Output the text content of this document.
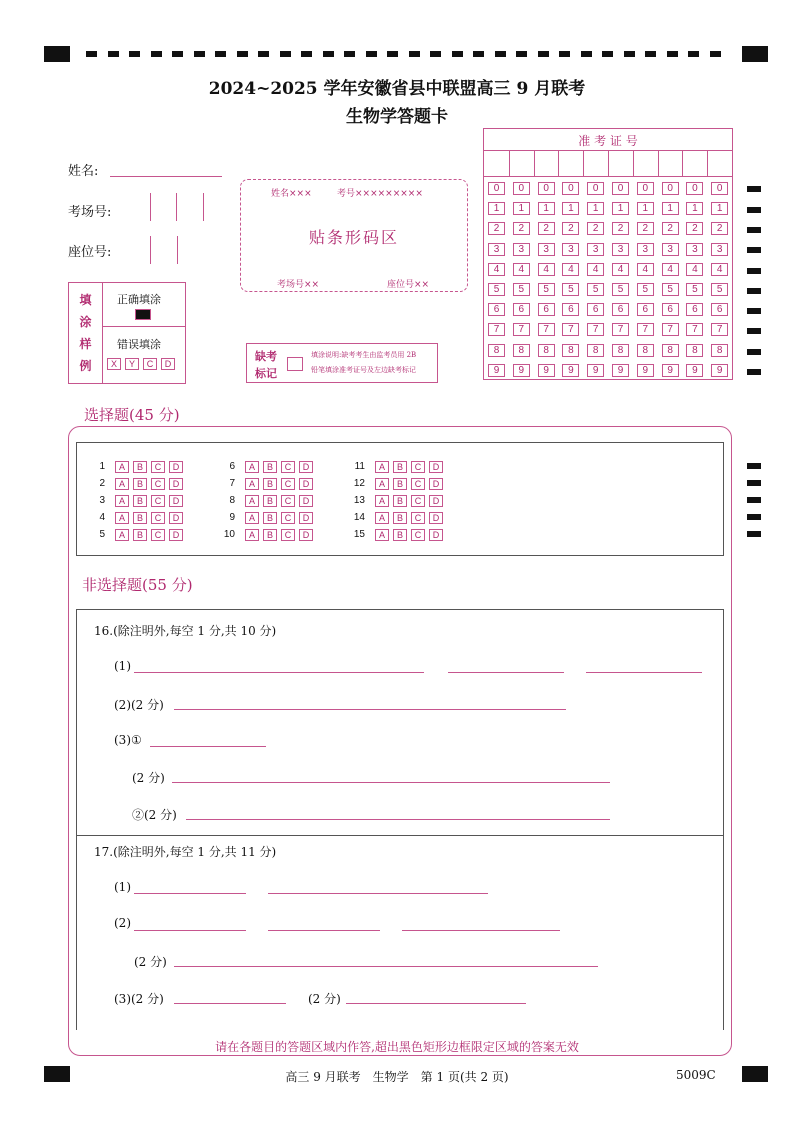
2024~2025 学年安徽省县中联盟高三 9 月联考
生物学答题卡
姓名:
考场号:
座位号:
填
涂
样
例
正确填涂
错误填涂
X	Y	C	D
姓名×××	考号×××××××××
贴条形码区
考场号××	座位号××
缺考
标记
填涂说明:缺考考生由监考员用 2B
铅笔填涂准考证号及左边缺考标记
准 考 证 号
0	0	0	0	0	0	0	0	0	0
1	1	1	1	1	1	1	1	1	1
2	2	2	2	2	2	2	2	2	2
3	3	3	3	3	3	3	3	3	3
4	4	4	4	4	4	4	4	4	4
5	5	5	5	5	5	5	5	5	5
6	6	6	6	6	6	6	6	6	6
7	7	7	7	7	7	7	7	7	7
8	8	8	8	8	8	8	8	8	8
9	9	9	9	9	9	9	9	9	9
选择题(45 分)
1	A	B	C	D
2	A	B	C	D
3	A	B	C	D
4	A	B	C	D
5	A	B	C	D
6	A	B	C	D
7	A	B	C	D
8	A	B	C	D
9	A	B	C	D
10	A	B	C	D
11	A	B	C	D
12	A	B	C	D
13	A	B	C	D
14	A	B	C	D
15	A	B	C	D
非选择题(55 分)
16.(除注明外,每空 1 分,共 10 分)
(1)
(2)(2 分)
(3)①
(2 分)
②(2 分)
17.(除注明外,每空 1 分,共 11 分)
(1)
(2)
(2 分)
(3)(2 分)	(2 分)
请在各题目的答题区域内作答,超出黑色矩形边框限定区域的答案无效
高三 9 月联考　生物学　第 1 页(共 2 页)	5009C
